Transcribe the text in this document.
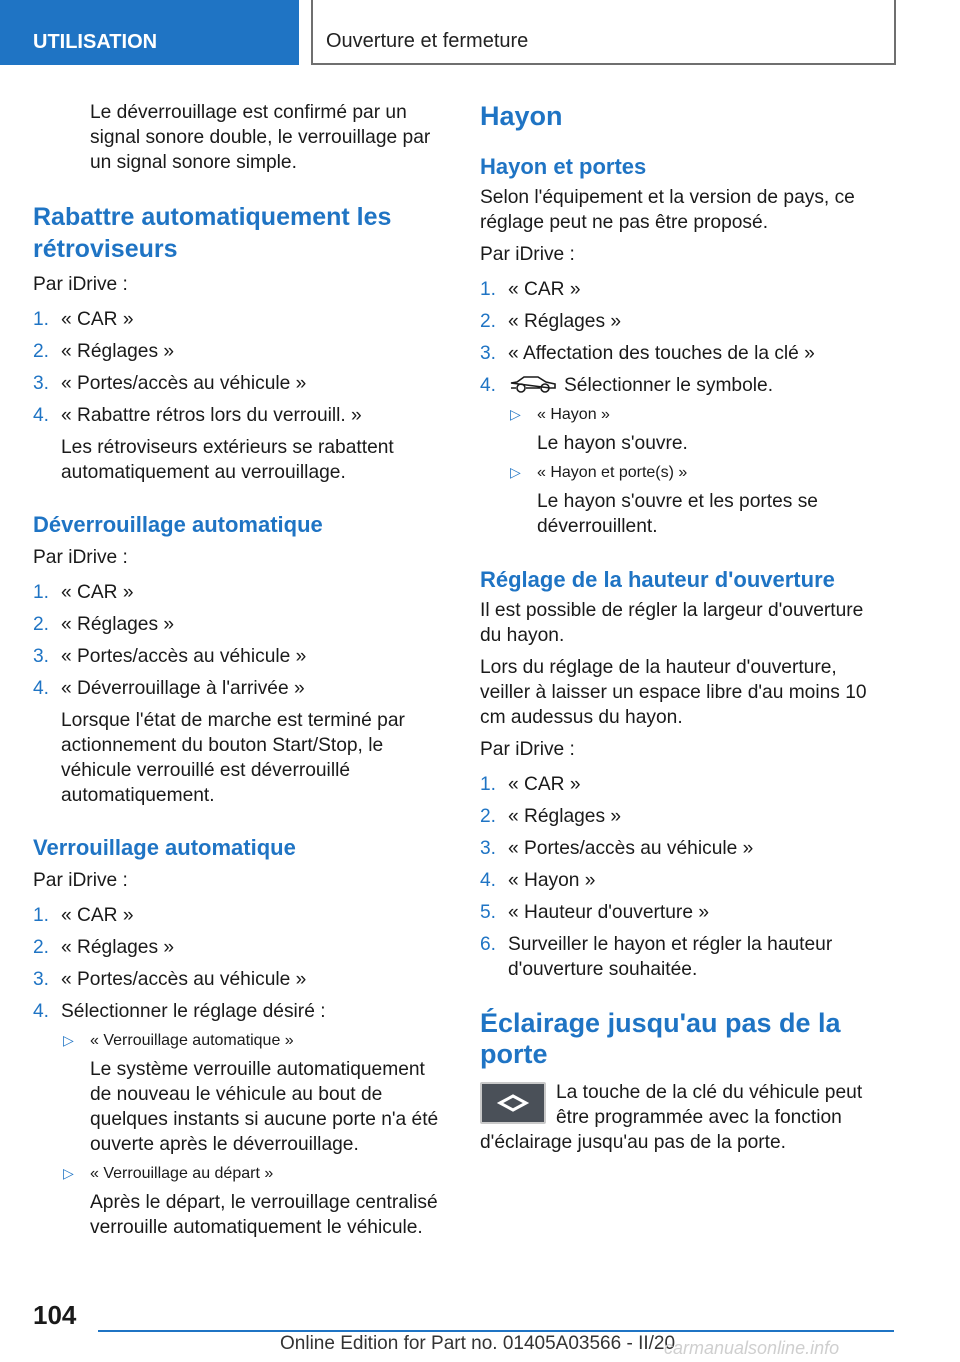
UTILISATION	Ouverture et fermeture

Le déverrouillage est confirmé par un signal sonore double, le verrouillage par un signal sonore simple.

Rabattre automatiquement les rétroviseurs

Par iDrive :

1. « CAR »
2. « Réglages »
3. « Portes/accès au véhicule »
4. « Rabattre rétros lors du verrouill. »

Les rétroviseurs extérieurs se rabattent automatiquement au verrouillage.

Déverrouillage automatique

Par iDrive :

1. « CAR »
2. « Réglages »
3. « Portes/accès au véhicule »
4. « Déverrouillage à l'arrivée »

Lorsque l'état de marche est terminé par actionnement du bouton Start/Stop, le véhicule verrouillé est déverrouillé automatiquement.

Verrouillage automatique

Par iDrive :

1. « CAR »
2. « Réglages »
3. « Portes/accès au véhicule »
4. Sélectionner le réglage désiré :
▷ « Verrouillage automatique »

Le système verrouille automatiquement de nouveau le véhicule au bout de quelques instants si aucune porte n'a été ouverte après le déverrouillage.

▷ « Verrouillage au départ »

Après le départ, le verrouillage centralisé verrouille automatiquement le véhicule.

Hayon
Hayon et portes

Selon l'équipement et la version de pays, ce réglage peut ne pas être proposé.

Par iDrive :

1. « CAR »
2. « Réglages »
3. « Affectation des touches de la clé »
4.	Sélectionner le symbole.
▷ « Hayon »

Le hayon s'ouvre.

▷ « Hayon et porte(s) »

Le hayon s'ouvre et les portes se déverrouillent.

Réglage de la hauteur d'ouverture

Il est possible de régler la largeur d'ouverture du hayon.

Lors du réglage de la hauteur d'ouverture, veiller à laisser un espace libre d'au moins 10 cm audessus du hayon.

Par iDrive :

1. « CAR »
2. « Réglages »
3. « Portes/accès au véhicule »
4. « Hayon »
5. « Hauteur d'ouverture »
6. Surveiller le hayon et régler la hauteur d'ouverture souhaitée.
Éclairage jusqu'au pas de la porte

La touche de la clé du véhicule peut être programmée avec la fonction d'éclairage jusqu'au pas de la porte.

104
Online Edition for Part no. 01405A03566 - II/20
carmanualsonline.info
